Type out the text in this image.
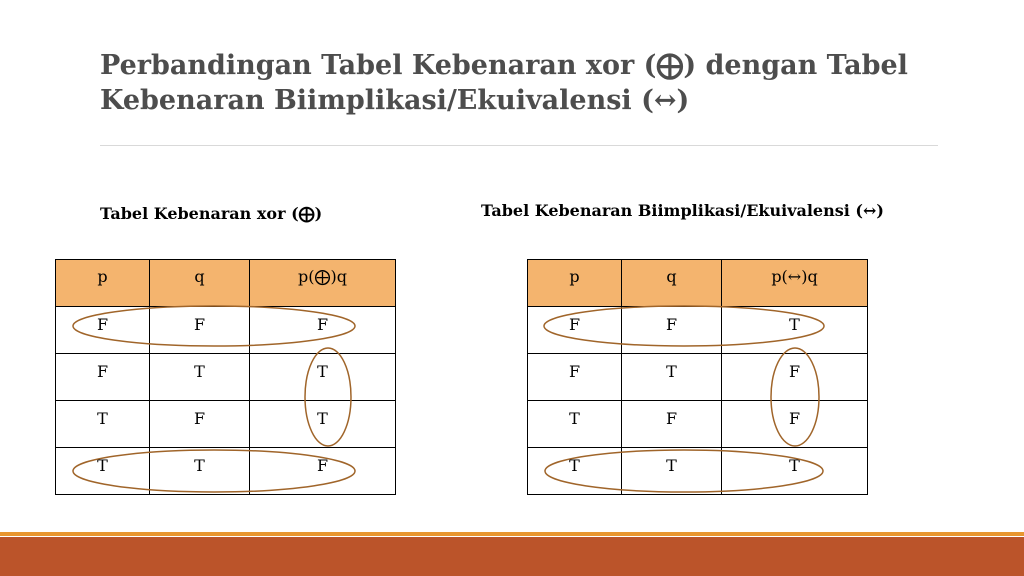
Perbandingan Tabel Kebenaran xor (⨁) dengan Tabel
Kebenaran Biimplikasi/Ekuivalensi (↔)
Tabel Kebenaran xor (⨁)	Tabel Kebenaran Biimplikasi/Ekuivalensi (↔)
p	q	p(⨁)q
F	F	F
F	T	T
T	F	T
T	T	F
p	q	p(↔)q
F	F	T
F	T	F
T	F	F
T	T	T
